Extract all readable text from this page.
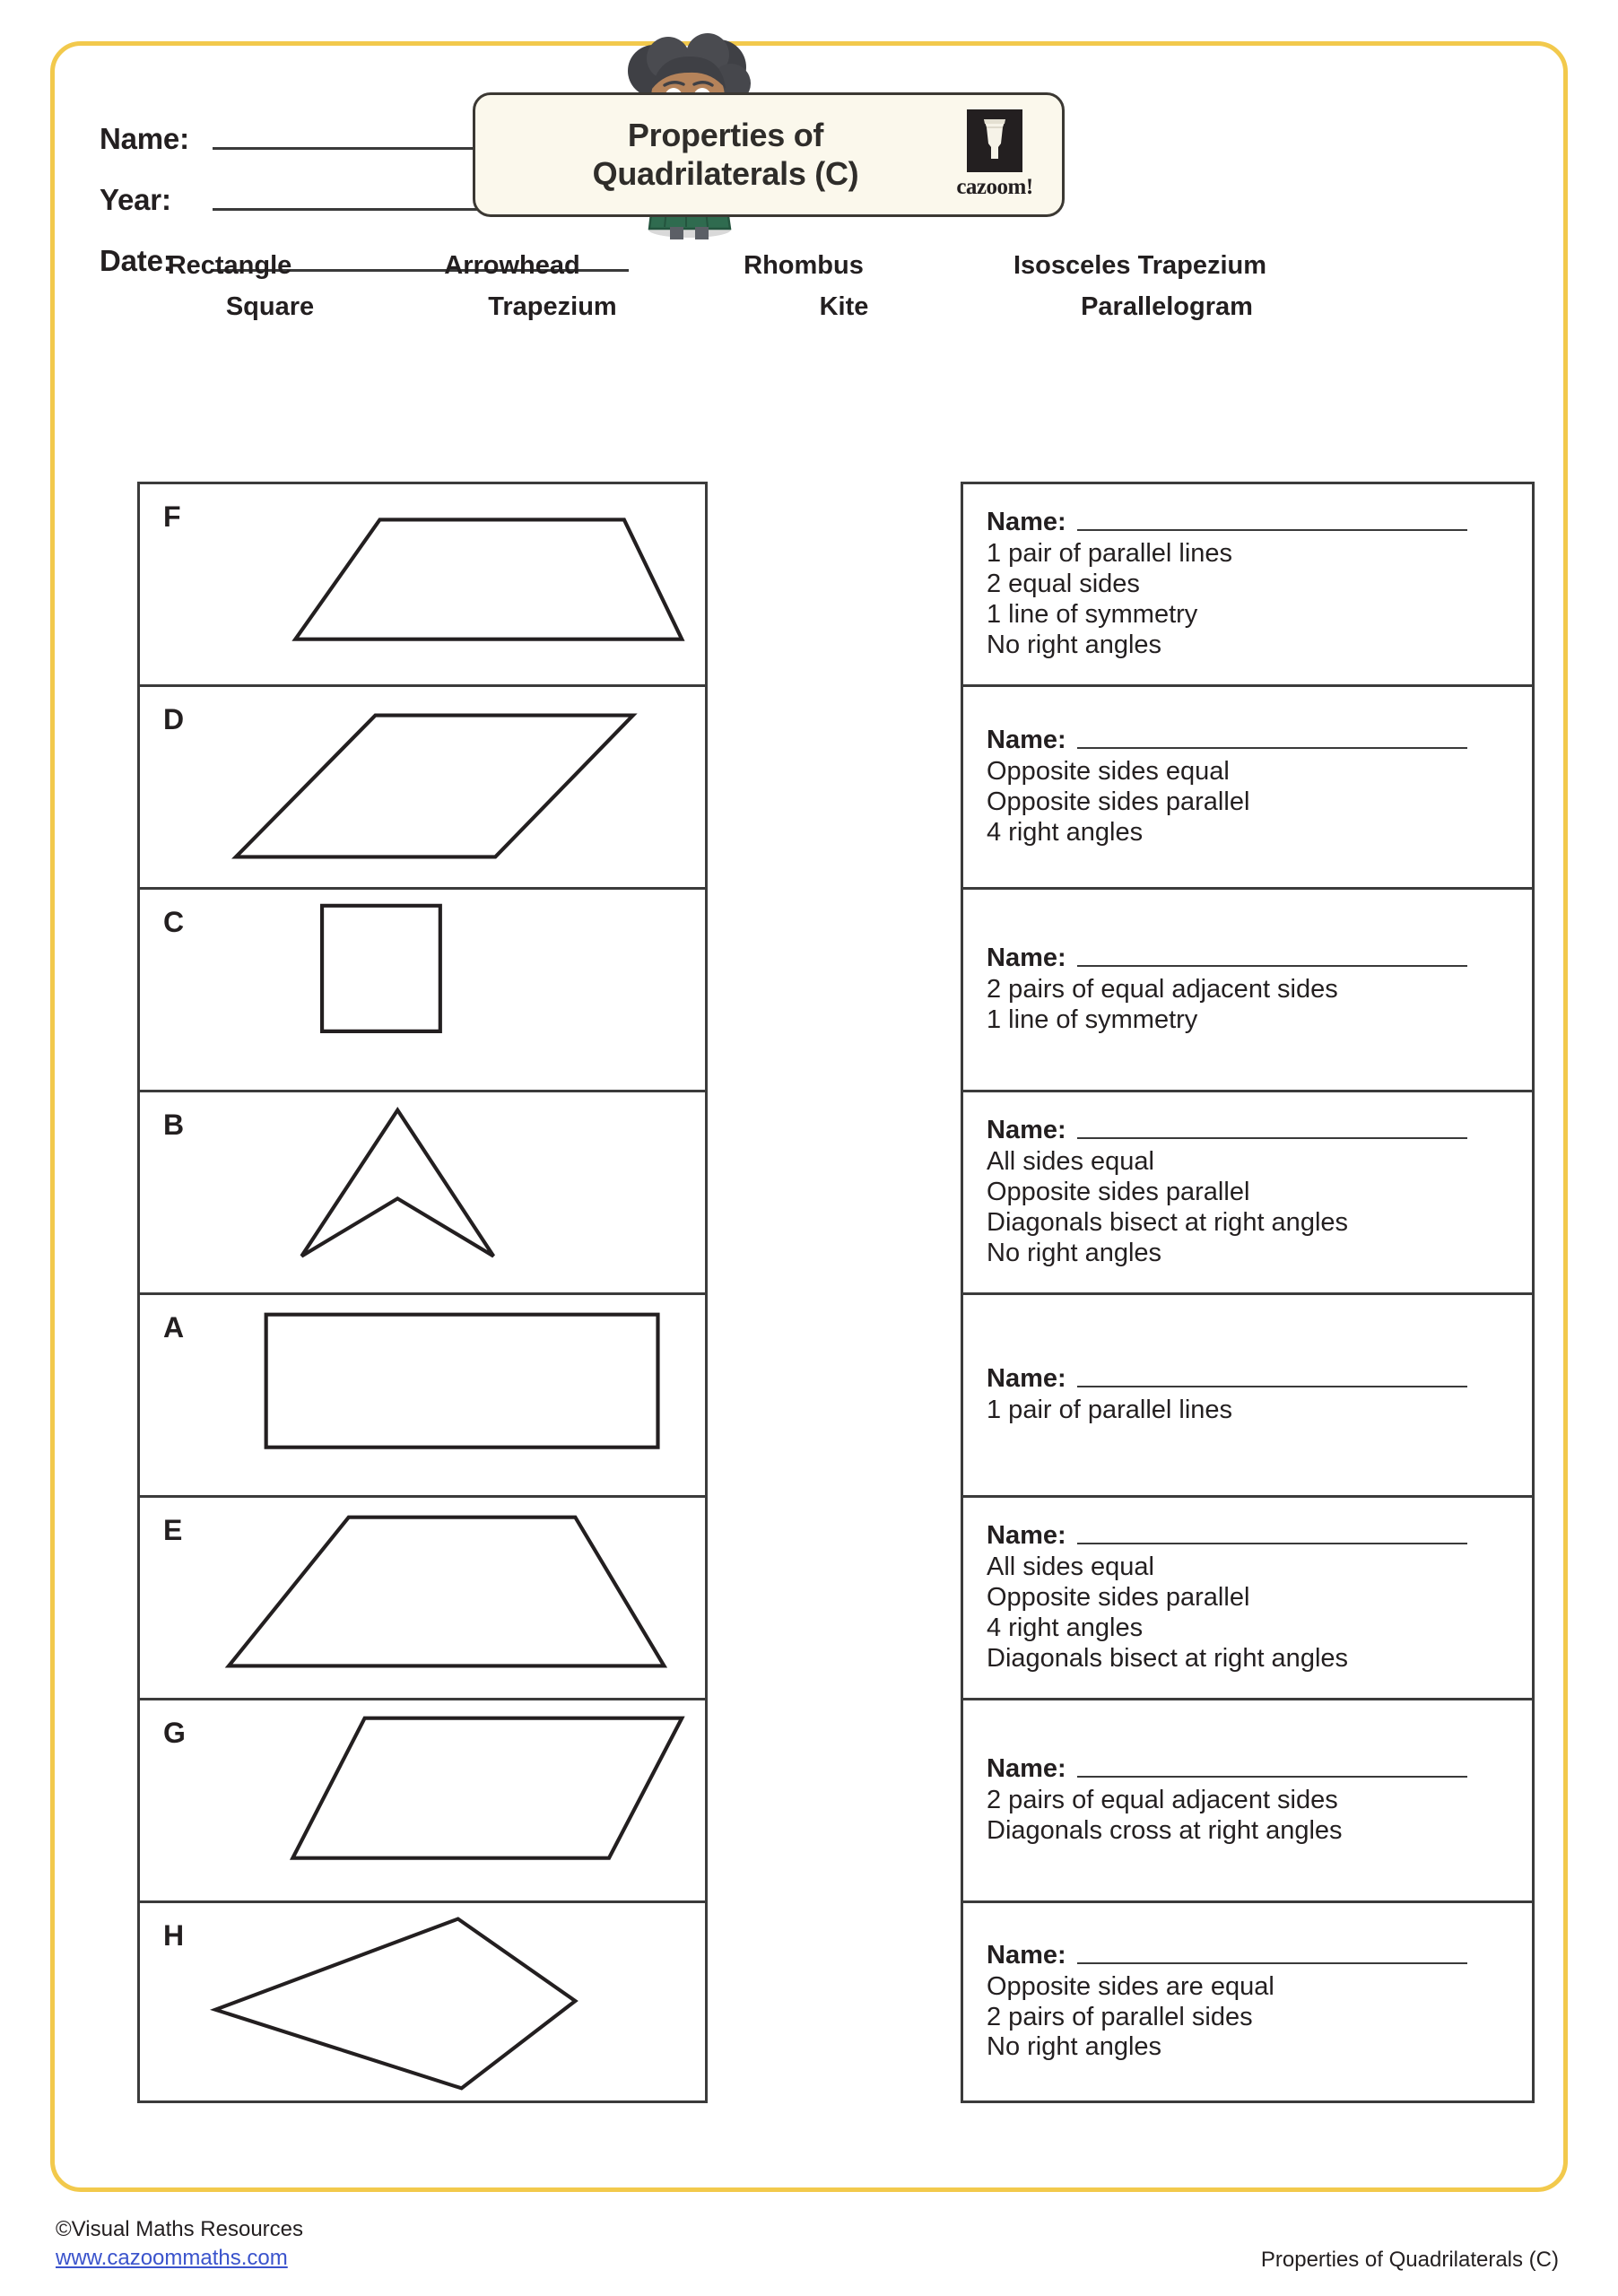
Name:
Year:
Date:
Properties of
Quadrilaterals (C)	cazoom!
Rectangle	Arrowhead	Rhombus	Isosceles Trapezium
Square	Trapezium	Kite	Parallelogram
F
D
C
B
A
E
G
H
Name:
1 pair of parallel lines
2 equal sides
1 line of symmetry
No right angles
Name:
Opposite sides equal
Opposite sides parallel
4 right angles
Name:
2 pairs of equal adjacent sides
1 line of symmetry
Name:
All sides equal
Opposite sides parallel
Diagonals bisect at right angles
No right angles
Name:
1 pair of parallel lines
Name:
All sides equal
Opposite sides parallel
4 right angles
Diagonals bisect at right angles
Name:
2 pairs of equal adjacent sides
Diagonals cross at right angles
Name:
Opposite sides are equal
2 pairs of parallel sides
No right angles
©Visual Maths Resources
www.cazoommaths.com	Properties of Quadrilaterals (C)
